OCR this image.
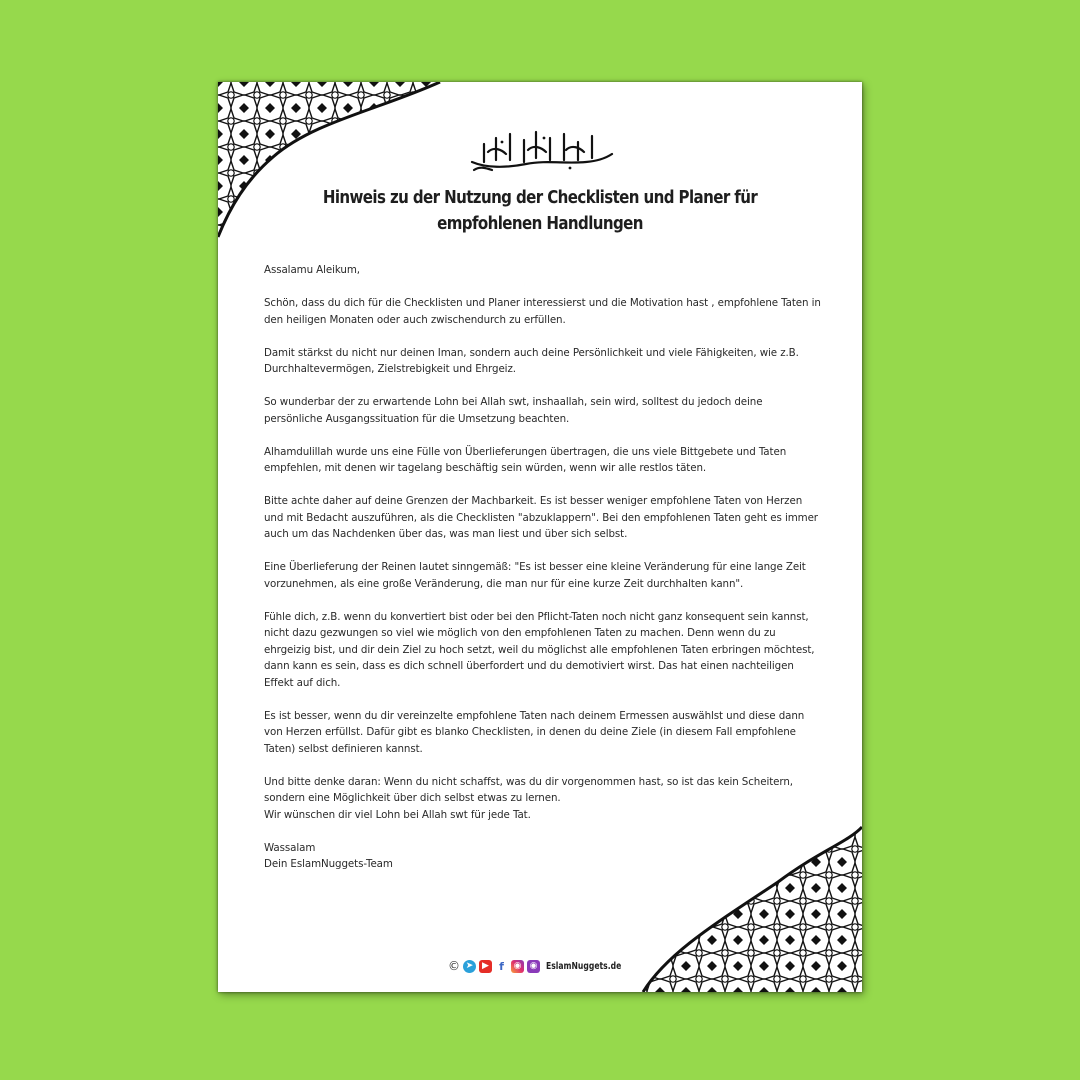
Hinweis zu der Nutzung der Checklisten und Planer für empfohlenen Handlungen

Assalamu Aleikum,

Schön, dass du dich für die Checklisten und Planer interessierst und die Motivation hast , empfohlene Taten in den heiligen Monaten oder auch zwischendurch zu erfüllen.

Damit stärkst du nicht nur deinen Iman, sondern auch deine Persönlichkeit und viele Fähigkeiten, wie z.B. Durchhaltevermögen, Zielstrebigkeit und Ehrgeiz.

So wunderbar der zu erwartende Lohn bei Allah swt, inshaallah, sein wird, solltest du jedoch deine persönliche Ausgangssituation für die Umsetzung beachten.

Alhamdulillah wurde uns eine Fülle von Überlieferungen übertragen, die uns viele Bittgebete und Taten empfehlen, mit denen wir tagelang beschäftig sein würden, wenn wir alle restlos täten.

Bitte achte daher auf deine Grenzen der Machbarkeit. Es ist besser weniger empfohlene Taten von Herzen und mit Bedacht auszuführen, als die Checklisten "abzuklappern". Bei den empfohlenen Taten geht es immer auch um das Nachdenken über das, was man liest und über sich selbst.

Eine Überlieferung der Reinen lautet sinngemäß: "Es ist besser eine kleine Veränderung für eine lange Zeit vorzunehmen, als eine große Veränderung, die man nur für eine kurze Zeit durchhalten kann".

Fühle dich, z.B. wenn du konvertiert bist oder bei den Pflicht-Taten noch nicht ganz konsequent sein kannst, nicht dazu gezwungen so viel wie möglich von den empfohlenen Taten zu machen. Denn wenn du zu ehrgeizig bist, und dir dein Ziel zu hoch setzt, weil du möglichst alle empfohlenen Taten erbringen möchtest, dann kann es sein, dass es dich schnell überfordert und du demotiviert wirst. Das hat einen nachteiligen Effekt auf dich.

Es ist besser, wenn du dir vereinzelte empfohlene Taten nach deinem Ermessen auswählst und diese dann von Herzen erfüllst. Dafür gibt es blanko Checklisten, in denen du deine Ziele (in diesem Fall empfohlene Taten) selbst definieren kannst.

Und bitte denke daran: Wenn du nicht schaffst, was du dir vorgenommen hast, so ist das kein Scheitern, sondern eine Möglichkeit über dich selbst etwas zu lernen.
Wir wünschen dir viel Lohn bei Allah swt für jede Tat.

Wassalam

Dein EslamNuggets-Team

© ➤ ▶ f	◉ ◉ EslamNuggets.de
